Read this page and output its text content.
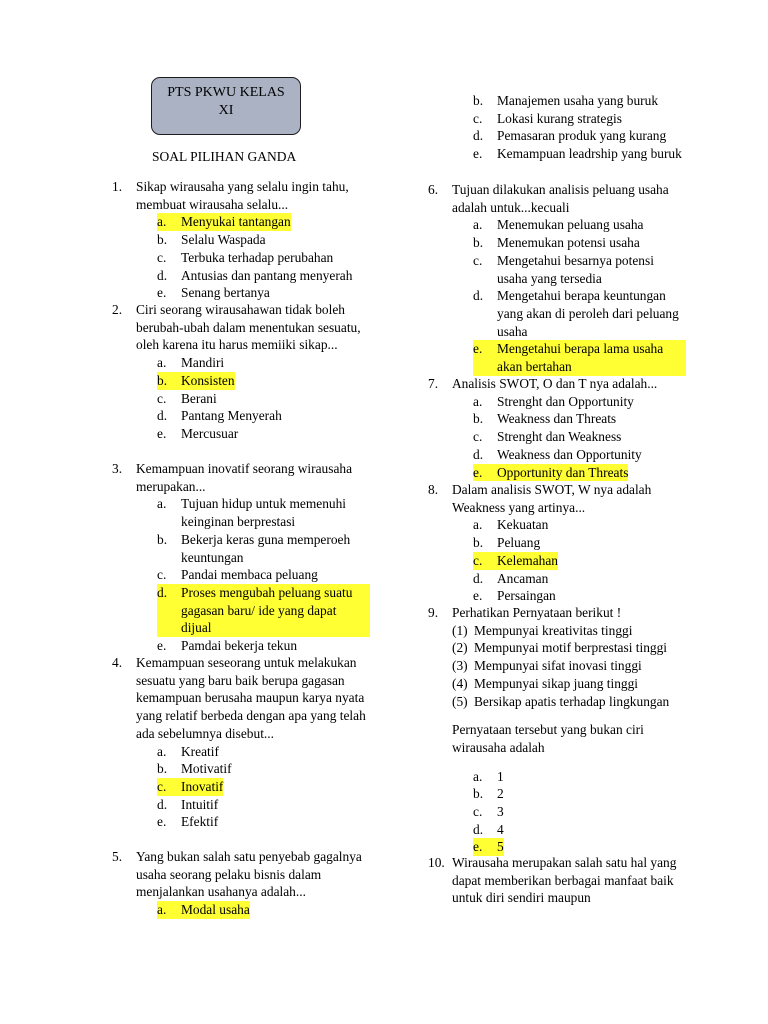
PTS PKWU KELAS
XI
SOAL PILIHAN GANDA
1.	Sikap wirausaha yang selalu ingin tahu, membuat wirausaha selalu...
a.	Menyukai tantangan
b.	Selalu Waspada
c.	Terbuka terhadap perubahan
d.	Antusias dan pantang menyerah
e.	Senang bertanya
2.	Ciri seorang wirausahawan tidak boleh berubah-ubah dalam menentukan sesuatu, oleh karena itu harus memiiki sikap...
a.	Mandiri
b.	Konsisten
c.	Berani
d.	Pantang Menyerah
e.	Mercusuar
3.	Kemampuan inovatif seorang wirausaha merupakan...
a.	Tujuan hidup untuk memenuhi keinginan berprestasi
b.	Bekerja keras guna memperoeh keuntungan
c.	Pandai membaca peluang
d.	Proses mengubah peluang suatu gagasan baru/ ide yang dapat dijual
e.	Pamdai bekerja tekun
4.	Kemampuan seseorang untuk melakukan sesuatu yang baru baik berupa gagasan kemampuan berusaha maupun karya nyata yang relatif berbeda dengan apa yang telah ada sebelumnya disebut...
a.	Kreatif
b.	Motivatif
c.	Inovatif
d.	Intuitif
e.	Efektif
5.	Yang bukan salah satu penyebab gagalnya usaha seorang pelaku bisnis dalam menjalankan usahanya adalah...
a.	Modal usaha
b.	Manajemen usaha yang buruk
c.	Lokasi kurang strategis
d.	Pemasaran produk yang kurang
e.	Kemampuan leadrship yang buruk
6.	Tujuan dilakukan analisis peluang usaha adalah untuk...kecuali
a.	Menemukan peluang usaha
b.	Menemukan potensi usaha
c.	Mengetahui besarnya potensi usaha yang tersedia
d.	Mengetahui berapa keuntungan yang akan di peroleh dari peluang usaha
e.	Mengetahui berapa lama usaha akan bertahan
7.	Analisis SWOT, O dan T nya adalah...
a.	Strenght dan Opportunity
b.	Weakness dan Threats
c.	Strenght dan Weakness
d.	Weakness dan Opportunity
e.	Opportunity dan Threats
8.	Dalam analisis SWOT, W nya adalah Weakness yang artinya...
a.	Kekuatan
b.	Peluang
c.	Kelemahan
d.	Ancaman
e.	Persaingan
9.	Perhatikan Pernyataan berikut !
(1) Mempunyai kreativitas tinggi
(2) Mempunyai motif berprestasi tinggi
(3) Mempunyai sifat inovasi tinggi
(4) Mempunyai sikap juang tinggi
(5) Bersikap apatis terhadap lingkungan
Pernyataan tersebut yang bukan ciri wirausaha adalah
a.	1
b.	2
c.	3
d.	4
e.	5
10. Wirausaha merupakan salah satu hal yang dapat memberikan berbagai manfaat baik untuk diri sendiri maupun
